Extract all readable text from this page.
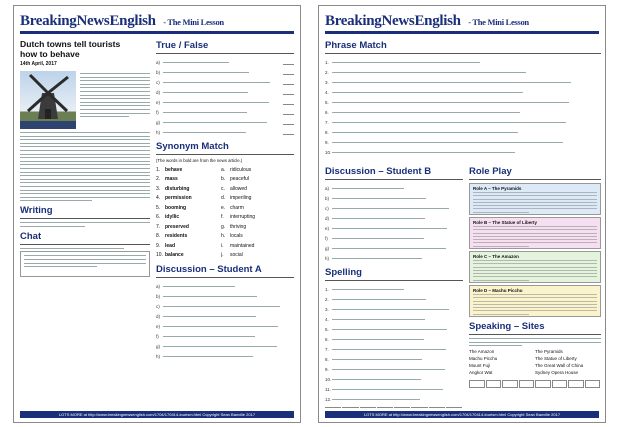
BreakingNewsEnglish - The Mini Lesson
Dutch towns tell tourists
how to behave
14th April, 2017
Writing
Chat
True / False
a)
b)
c)
d)
e)
f)
g)
h)
Synonym Match
(The words in bold are from the news article.)
1. behave	a. ridiculous
2. mass	b. peaceful
3. disturbing	c.	allowed
4. permission	d. imperiling
5. booming	e. charm
6. idyllic	f.	interrupting
7. preserved	g. thriving
8. residents	h. locals
9. lead	i.	maintained
10. balance	j.	social
Discussion – Student A
a)
b)
c)
d)
e)
f)
g)
h)
LOTS MORE at http://www.breakingnewsenglish.com/1704/170414-tourism.html Copyright Sean Banville 2017
BreakingNewsEnglish - The Mini Lesson
Phrase Match
1.
2.
3.
4.
5.
6.
7.
8.
9.
10.
Discussion – Student B
a)
b)
c)
d)
e)
f)
g)
h)
Spelling
1.
2.
3.
4.
5.
6.
7.
8.
9.
10.
11.
12.
Role Play
Role A – The Pyramids
Role B – The Statue of Liberty
Role C – The Amazon
Role D – Machu Picchu
Speaking – Sites
The Amazon	The Pyramids
Machu Picchu	The Statue of Liberty
Mount Fuji	The Great Wall of China
Angkor Wat	Sydney Opera House
LOTS MORE at http://www.breakingnewsenglish.com/1704/170414-tourism.html Copyright Sean Banville 2017
